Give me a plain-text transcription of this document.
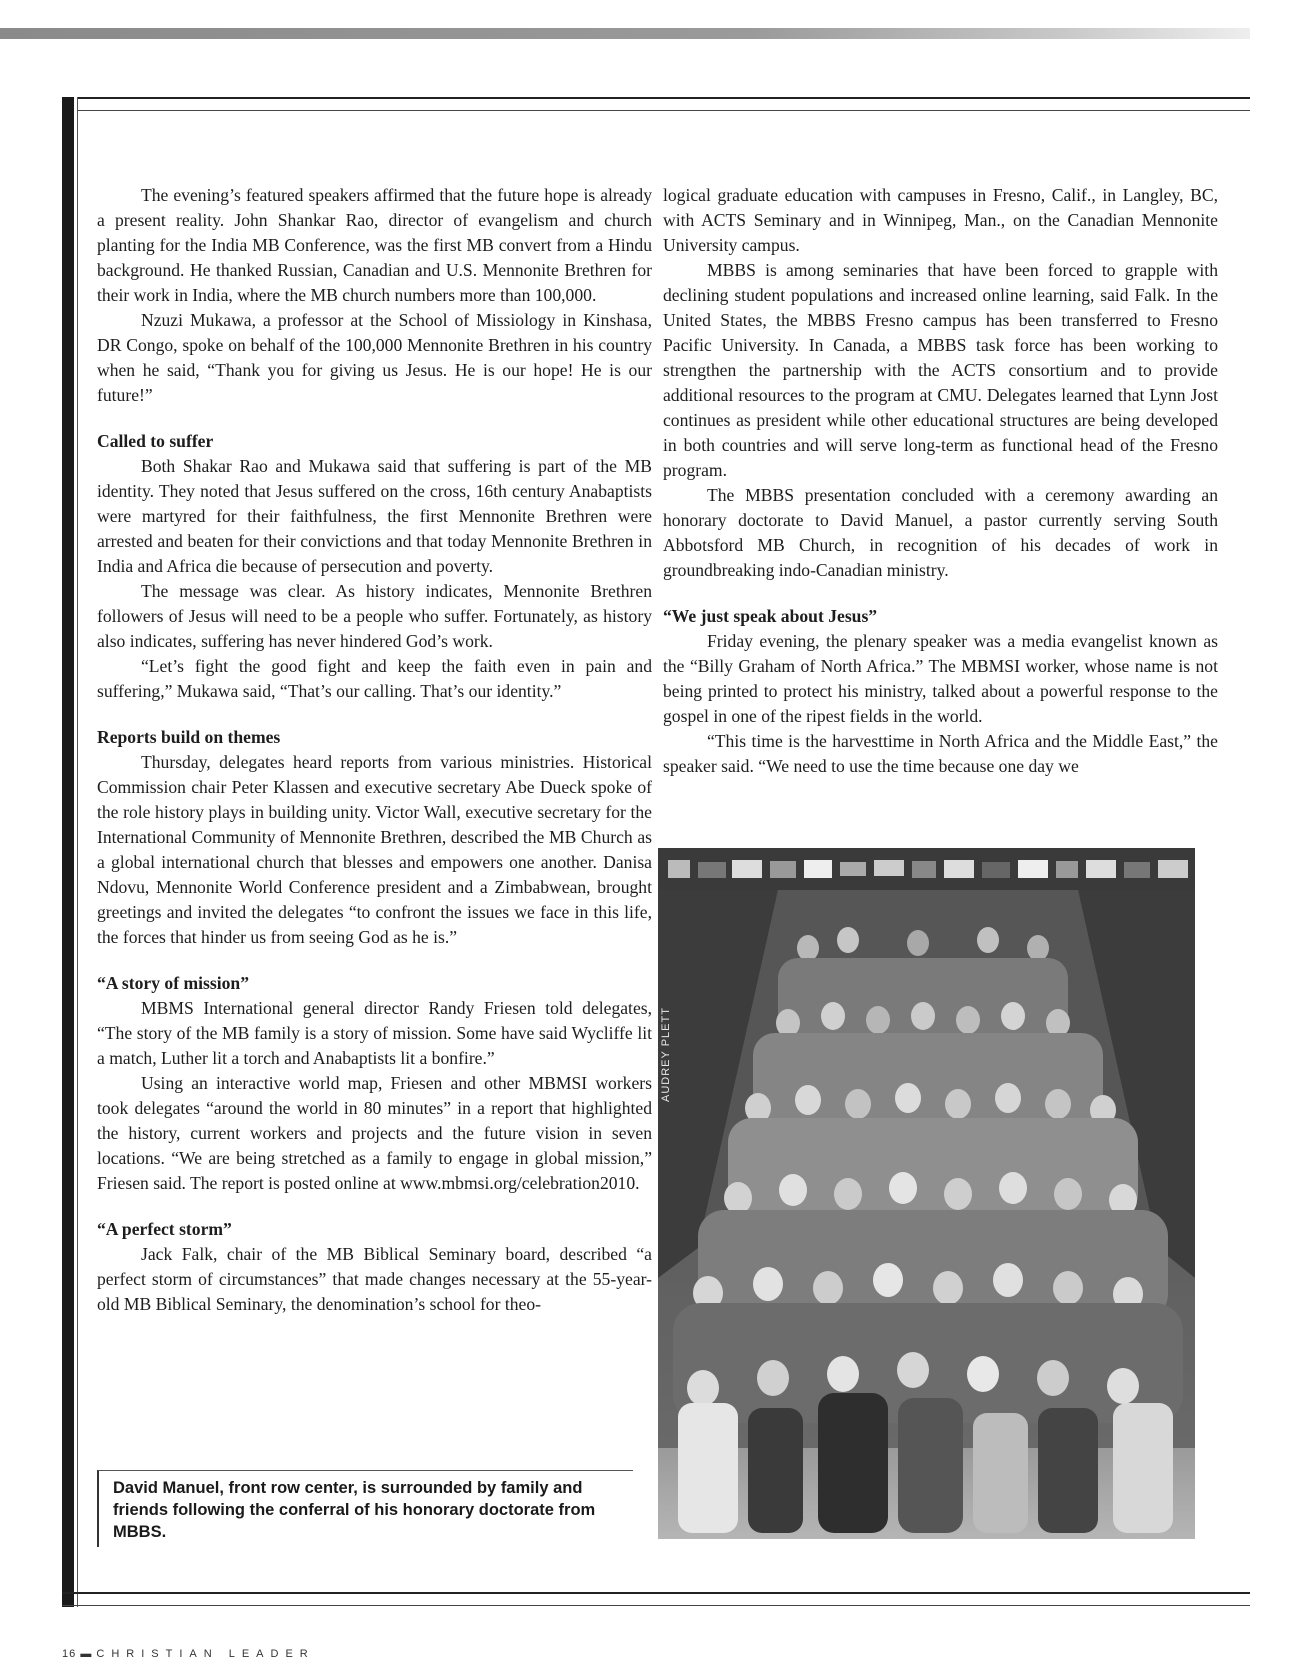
The evening’s featured speakers affirmed that the future hope is already a present reality. John Shankar Rao, director of evangelism and church planting for the India MB Conference, was the first MB convert from a Hindu background. He thanked Russian, Canadian and U.S. Mennonite Brethren for their work in India, where the MB church numbers more than 100,000.

Nzuzi Mukawa, a professor at the School of Missiology in Kinshasa, DR Congo, spoke on behalf of the 100,000 Mennonite Brethren in his country when he said, “Thank you for giving us Jesus. He is our hope! He is our future!”

Called to suffer

Both Shakar Rao and Mukawa said that suffering is part of the MB identity. They noted that Jesus suffered on the cross, 16th century Anabaptists were martyred for their faithfulness, the first Mennonite Brethren were arrested and beaten for their convictions and that today Mennonite Brethren in India and Africa die because of persecution and poverty.

The message was clear. As history indicates, Mennonite Brethren followers of Jesus will need to be a people who suffer. Fortunately, as history also indicates, suffering has never hindered God’s work.

“Let’s fight the good fight and keep the faith even in pain and suffering,” Mukawa said, “That’s our calling. That’s our identity.”

Reports build on themes

Thursday, delegates heard reports from various ministries. Historical Commission chair Peter Klassen and executive secretary Abe Dueck spoke of the role history plays in building unity. Victor Wall, executive secretary for the International Community of Mennonite Brethren, described the MB Church as a global international church that blesses and empowers one another. Danisa Ndovu, Mennonite World Conference president and a Zimbabwean, brought greetings and invited the delegates “to confront the issues we face in this life, the forces that hinder us from seeing God as he is.”

“A story of mission”

MBMS International general director Randy Friesen told delegates, “The story of the MB family is a story of mission. Some have said Wycliffe lit a match, Luther lit a torch and Anabaptists lit a bonfire.”

Using an interactive world map, Friesen and other MBMSI workers took delegates “around the world in 80 minutes” in a report that highlighted the history, current workers and projects and the future vision in seven locations. “We are being stretched as a family to engage in global mission,” Friesen said. The report is posted online at www.mbmsi.org/celebration2010.

“A perfect storm”

Jack Falk, chair of the MB Biblical Seminary board, described “a perfect storm of circumstances” that made changes necessary at the 55-year-old MB Biblical Seminary, the denomination’s school for theo-

logical graduate education with campuses in Fresno, Calif., in Langley, BC, with ACTS Seminary and in Winnipeg, Man., on the Canadian Mennonite University campus.

MBBS is among seminaries that have been forced to grapple with declining student populations and increased online learning, said Falk. In the United States, the MBBS Fresno campus has been transferred to Fresno Pacific University. In Canada, a MBBS task force has been working to strengthen the partnership with the ACTS consortium and to provide additional resources to the program at CMU. Delegates learned that Lynn Jost continues as president while other educational structures are being developed in both countries and will serve long-term as functional head of the Fresno program.

The MBBS presentation concluded with a ceremony awarding an honorary doctorate to David Manuel, a pastor currently serving South Abbotsford MB Church, in recognition of his decades of work in groundbreaking indo-Canadian ministry.

“We just speak about Jesus”

Friday evening, the plenary speaker was a media evangelist known as the “Billy Graham of North Africa.” The MBMSI worker, whose name is not being printed to protect his ministry, talked about a powerful response to the gospel in one of the ripest fields in the world.

“This time is the harvesttime in North Africa and the Middle East,” the speaker said. “We need to use the time because one day we

AUDREY PLETT
David Manuel, front row center, is surrounded by family and friends following the conferral of his honorary doctorate from MBBS.
16 ▬ CHRISTIAN LEADER
